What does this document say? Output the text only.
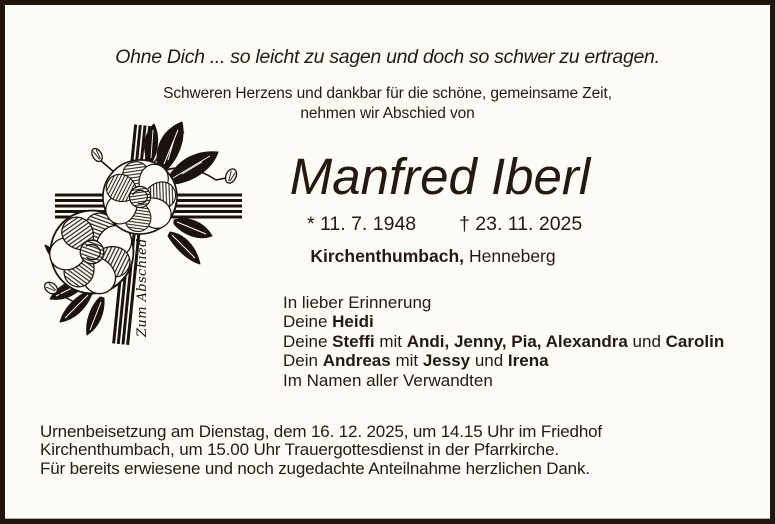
Ohne Dich ... so leicht zu sagen und doch so schwer zu ertragen.
Schweren Herzens und dankbar für die schöne, gemeinsame Zeit,
nehmen wir Abschied von
Zum Abschied
Manfred Iberl
* 11. 7. 1948 † 23. 11. 2025
Kirchenthumbach, Henneberg
In lieber Erinnerung
Deine Heidi
Deine Steffi mit Andi, Jenny, Pia, Alexandra und Carolin
Dein Andreas mit Jessy und Irena
Im Namen aller Verwandten
Urnenbeisetzung am Dienstag, dem 16. 12. 2025, um 14.15 Uhr im Friedhof
Kirchenthumbach, um 15.00 Uhr Trauergottesdienst in der Pfarrkirche.
Für bereits erwiesene und noch zugedachte Anteilnahme herzlichen Dank.
